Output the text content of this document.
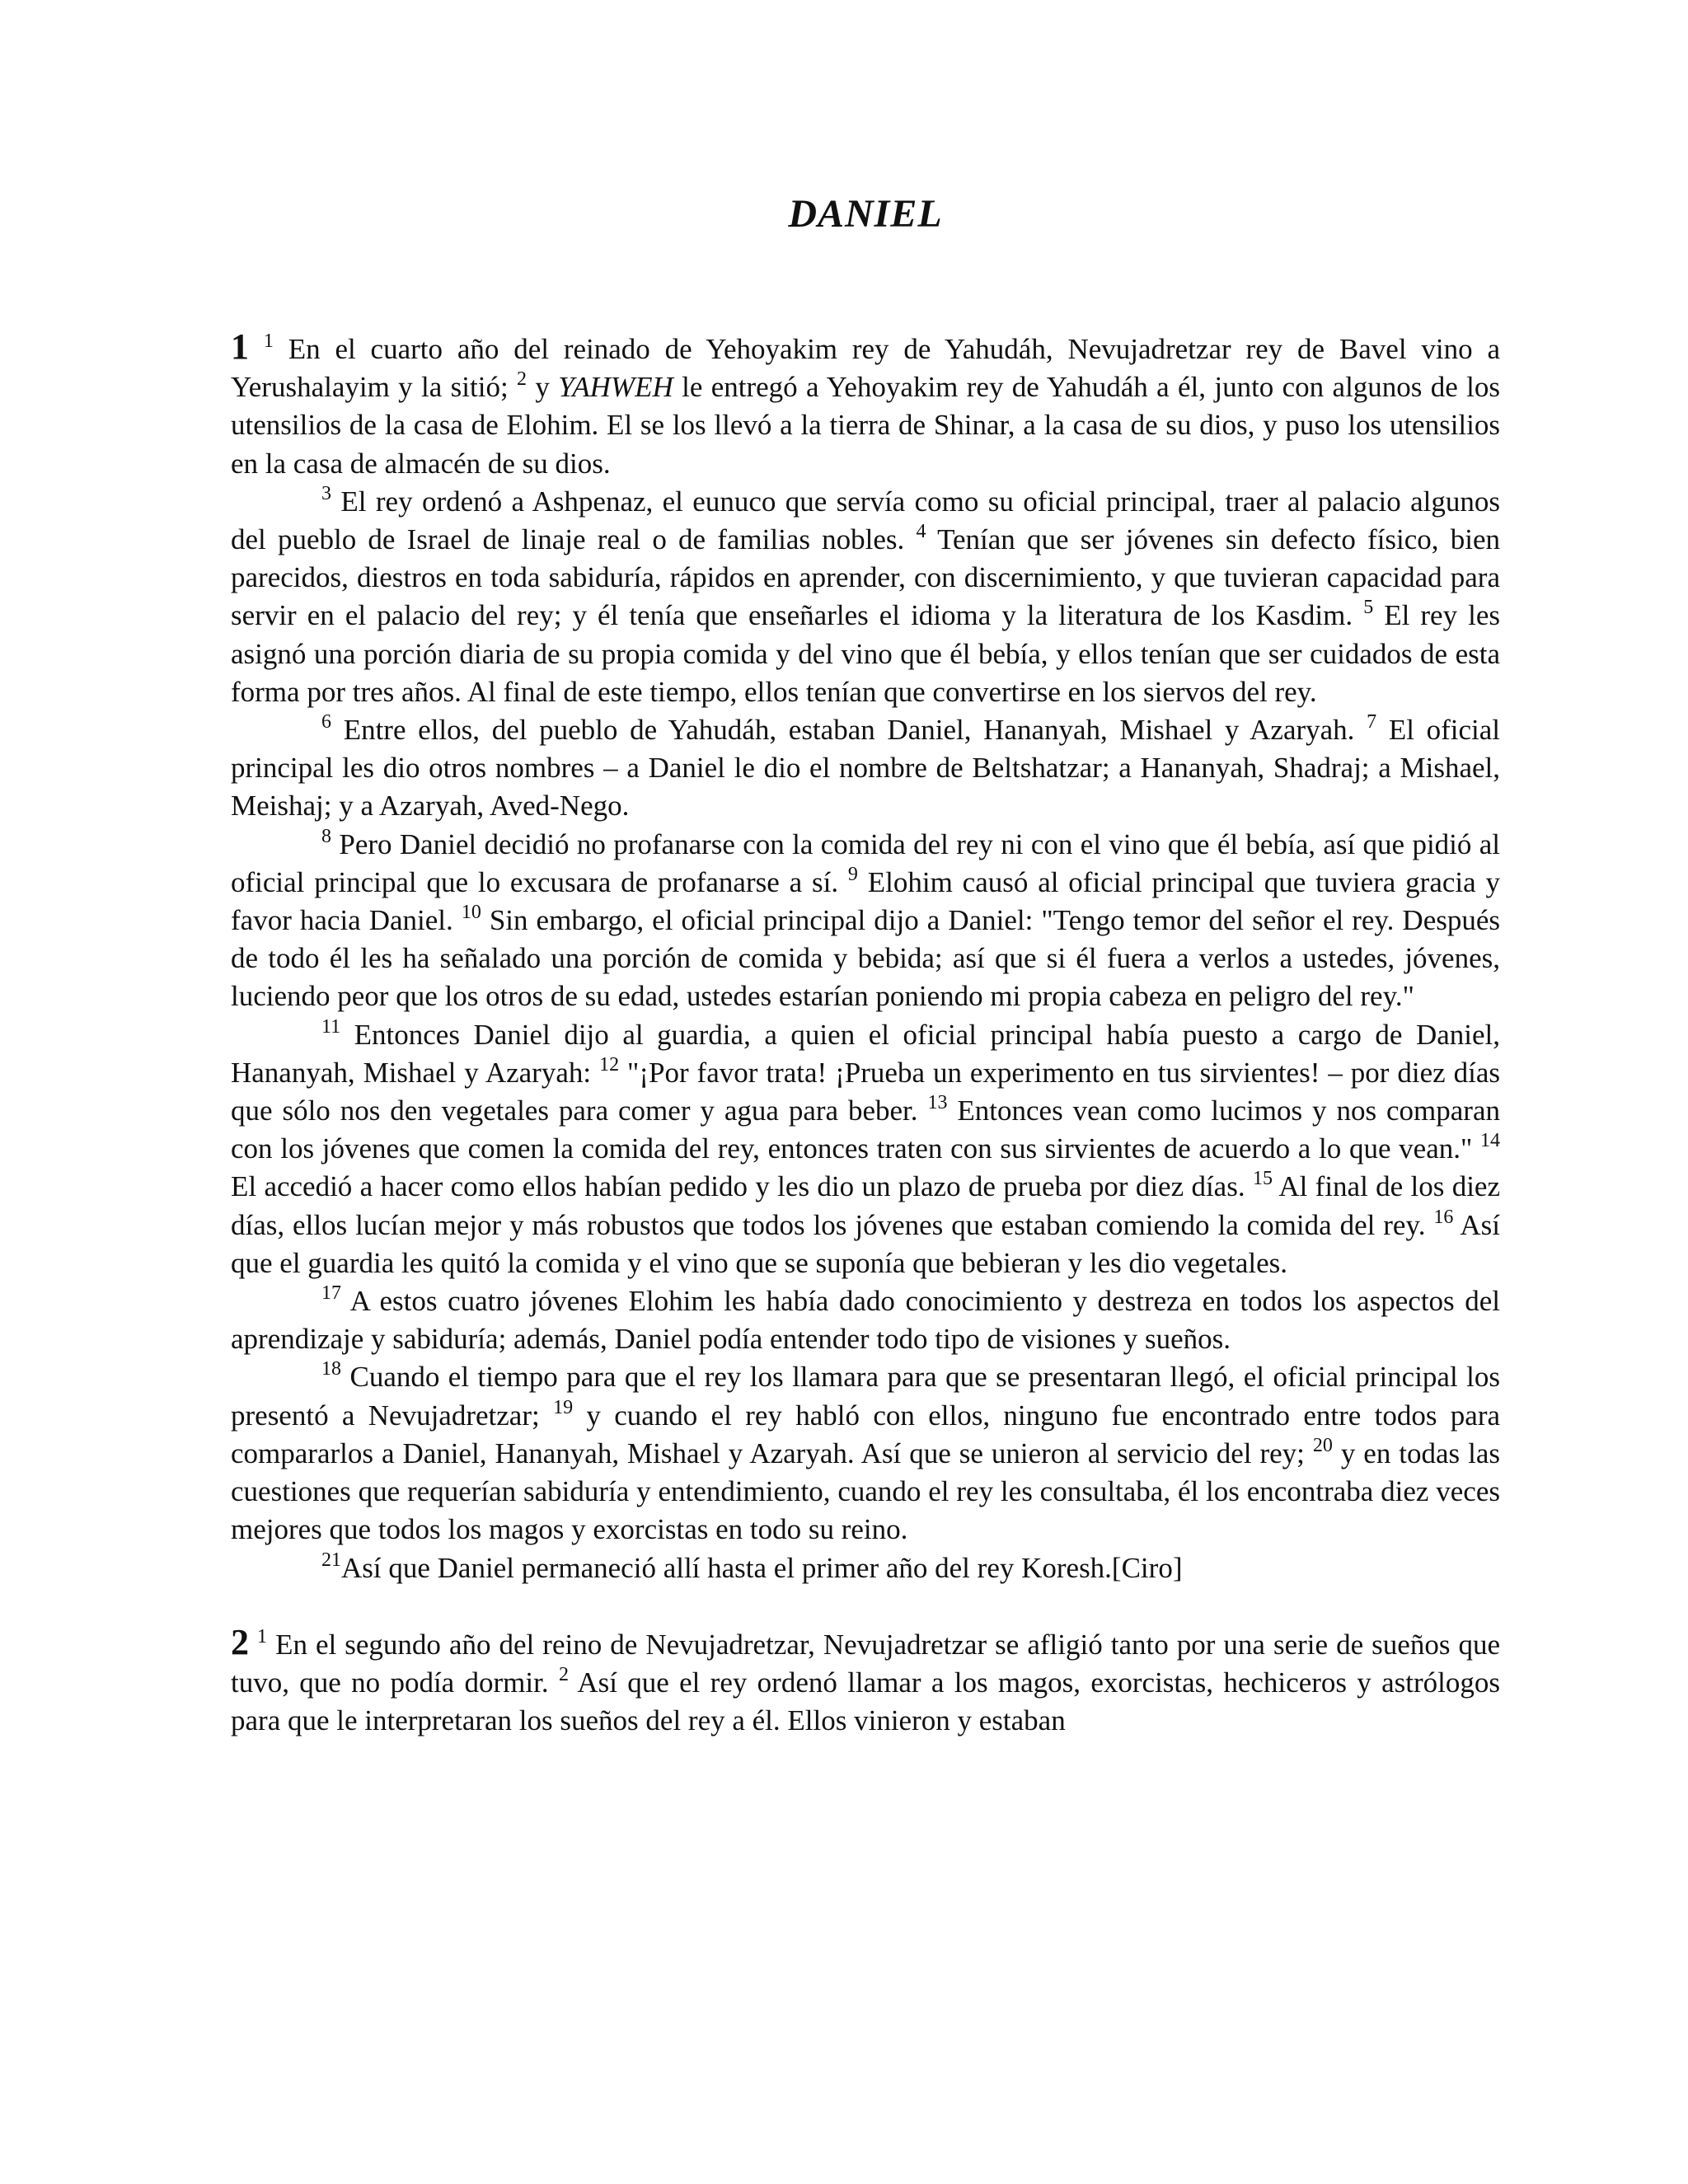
DANIEL

1 $^1$ En el cuarto año del reinado de Yehoyakim rey de Yahudáh, Nevujadretzar rey de Bavel vino a Yerushalayim y la sitió; $^2$ y YAHWEH le entregó a Yehoyakim rey de Yahudáh a él, junto con algunos de los utensilios de la casa de Elohim. El se los llevó a la tierra de Shinar, a la casa de su dios, y puso los utensilios en la casa de almacén de su dios.

$^3$ El rey ordenó a Ashpenaz, el eunuco que servía como su oficial principal, traer al palacio algunos del pueblo de Israel de linaje real o de familias nobles. $^4$ Tenían que ser jóvenes sin defecto físico, bien parecidos, diestros en toda sabiduría, rápidos en aprender, con discernimiento, y que tuvieran capacidad para servir en el palacio del rey; y él tenía que enseñarles el idioma y la literatura de los Kasdim. $^5$ El rey les asignó una porción diaria de su propia comida y del vino que él bebía, y ellos tenían que ser cuidados de esta forma por tres años. Al final de este tiempo, ellos tenían que convertirse en los siervos del rey.

$^6$ Entre ellos, del pueblo de Yahudáh, estaban Daniel, Hananyah, Mishael y Azaryah. $^7$ El oficial principal les dio otros nombres – a Daniel le dio el nombre de Beltshatzar; a Hananyah, Shadraj; a Mishael, Meishaj; y a Azaryah, Aved-Nego.

$^8$ Pero Daniel decidió no profanarse con la comida del rey ni con el vino que él bebía, así que pidió al oficial principal que lo excusara de profanarse a sí. $^9$ Elohim causó al oficial principal que tuviera gracia y favor hacia Daniel. $^{10}$ Sin embargo, el oficial principal dijo a Daniel: "Tengo temor del señor el rey. Después de todo él les ha señalado una porción de comida y bebida; así que si él fuera a verlos a ustedes, jóvenes, luciendo peor que los otros de su edad, ustedes estarían poniendo mi propia cabeza en peligro del rey."

$^{11}$ Entonces Daniel dijo al guardia, a quien el oficial principal había puesto a cargo de Daniel, Hananyah, Mishael y Azaryah: $^{12}$ "¡Por favor trata! ¡Prueba un experimento en tus sirvientes! – por diez días que sólo nos den vegetales para comer y agua para beber. $^{13}$ Entonces vean como lucimos y nos comparan con los jóvenes que comen la comida del rey, entonces traten con sus sirvientes de acuerdo a lo que vean." $^{14}$ El accedió a hacer como ellos habían pedido y les dio un plazo de prueba por diez días. $^{15}$ Al final de los diez días, ellos lucían mejor y más robustos que todos los jóvenes que estaban comiendo la comida del rey. $^{16}$ Así que el guardia les quitó la comida y el vino que se suponía que bebieran y les dio vegetales.

$^{17}$ A estos cuatro jóvenes Elohim les había dado conocimiento y destreza en todos los aspectos del aprendizaje y sabiduría; además, Daniel podía entender todo tipo de visiones y sueños.

$^{18}$ Cuando el tiempo para que el rey los llamara para que se presentaran llegó, el oficial principal los presentó a Nevujadretzar; $^{19}$ y cuando el rey habló con ellos, ninguno fue encontrado entre todos para compararlos a Daniel, Hananyah, Mishael y Azaryah. Así que se unieron al servicio del rey; $^{20}$ y en todas las cuestiones que requerían sabiduría y entendimiento, cuando el rey les consultaba, él los encontraba diez veces mejores que todos los magos y exorcistas en todo su reino.

$^{21}$Así que Daniel permaneció allí hasta el primer año del rey Koresh.[Ciro]

2 $^1$ En el segundo año del reino de Nevujadretzar, Nevujadretzar se afligió tanto por una serie de sueños que tuvo, que no podía dormir. $^2$ Así que el rey ordenó llamar a los magos, exorcistas, hechiceros y astrólogos para que le interpretaran los sueños del rey a él. Ellos vinieron y estaban
